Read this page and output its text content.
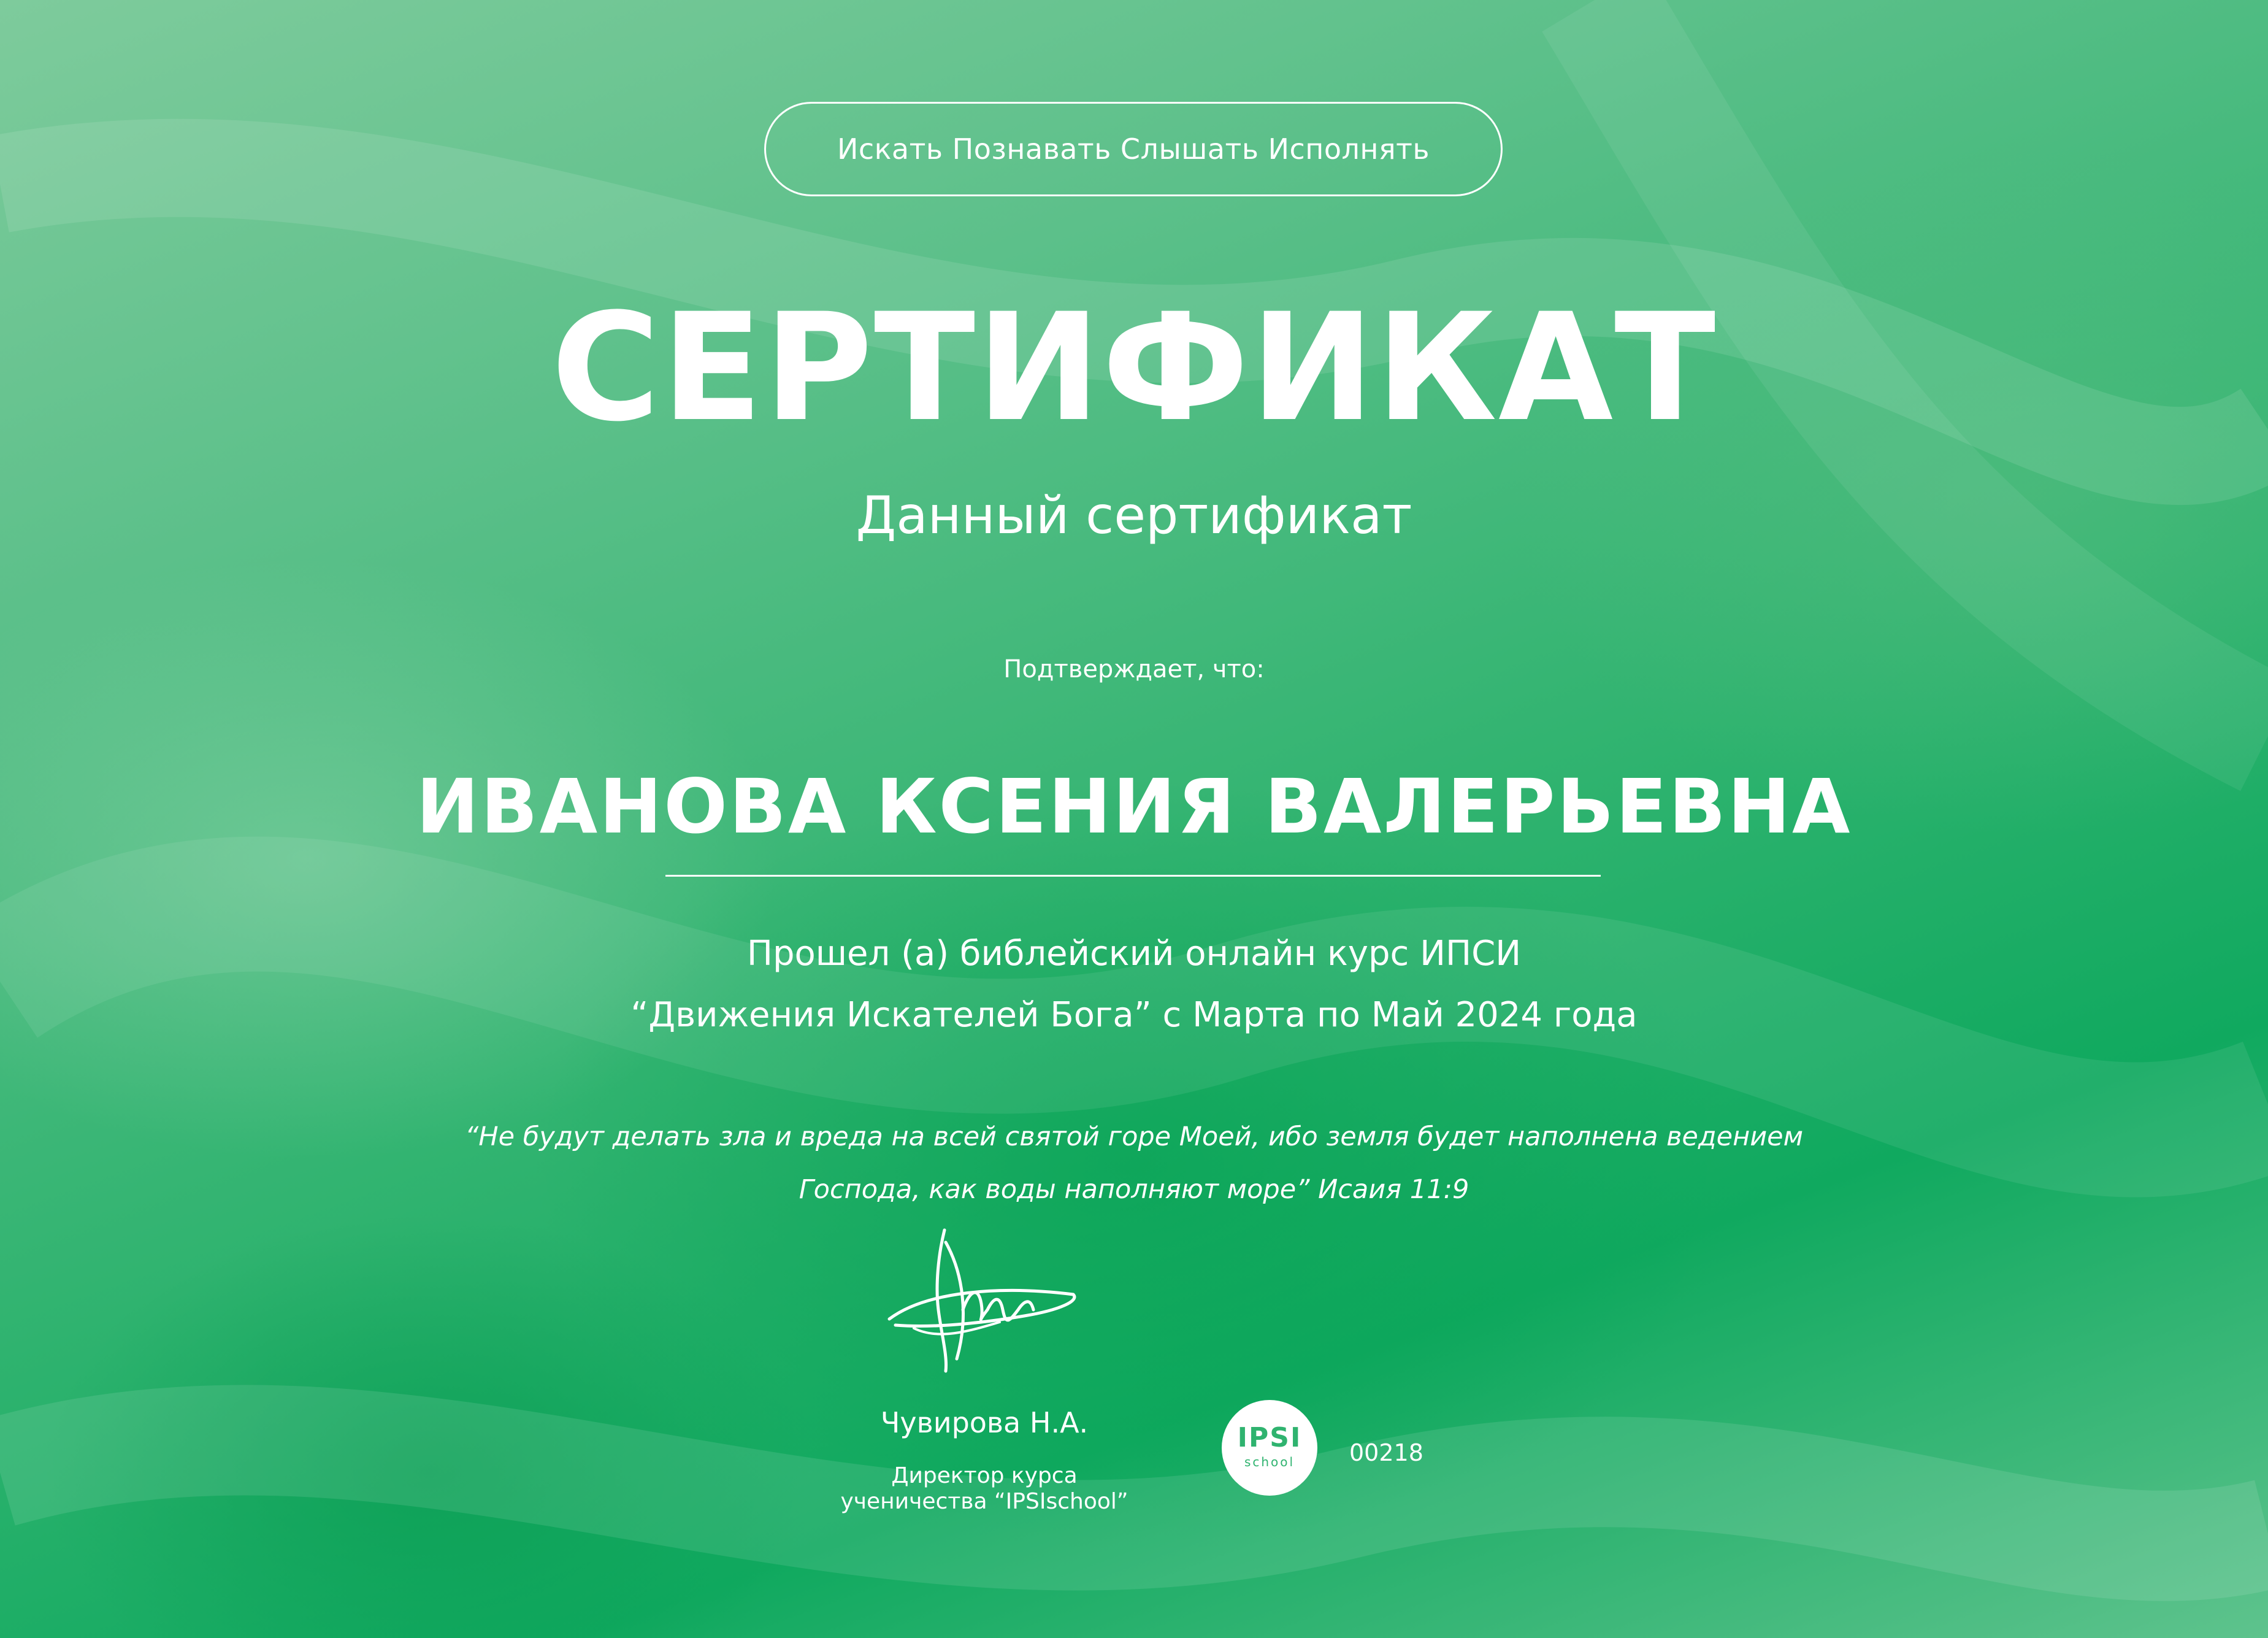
Искать Познавать Слышать Исполнять
СЕРТИФИКАТ
Данный сертификат
Подтверждает, что:
ИВАНОВА КСЕНИЯ ВАЛЕРЬЕВНА
Прошел (а) библейский онлайн курс ИПСИ
“Движения Искателей Бога” с Марта по Май 2024 года
“Не будут делать зла и вреда на всей святой горе Моей, ибо земля будет наполнена ведением
Господа, как воды наполняют море” Исаия 11:9
Чувирова Н.А.
Директор курса
ученичества “IPSIschool”
IPSI
school 00218
